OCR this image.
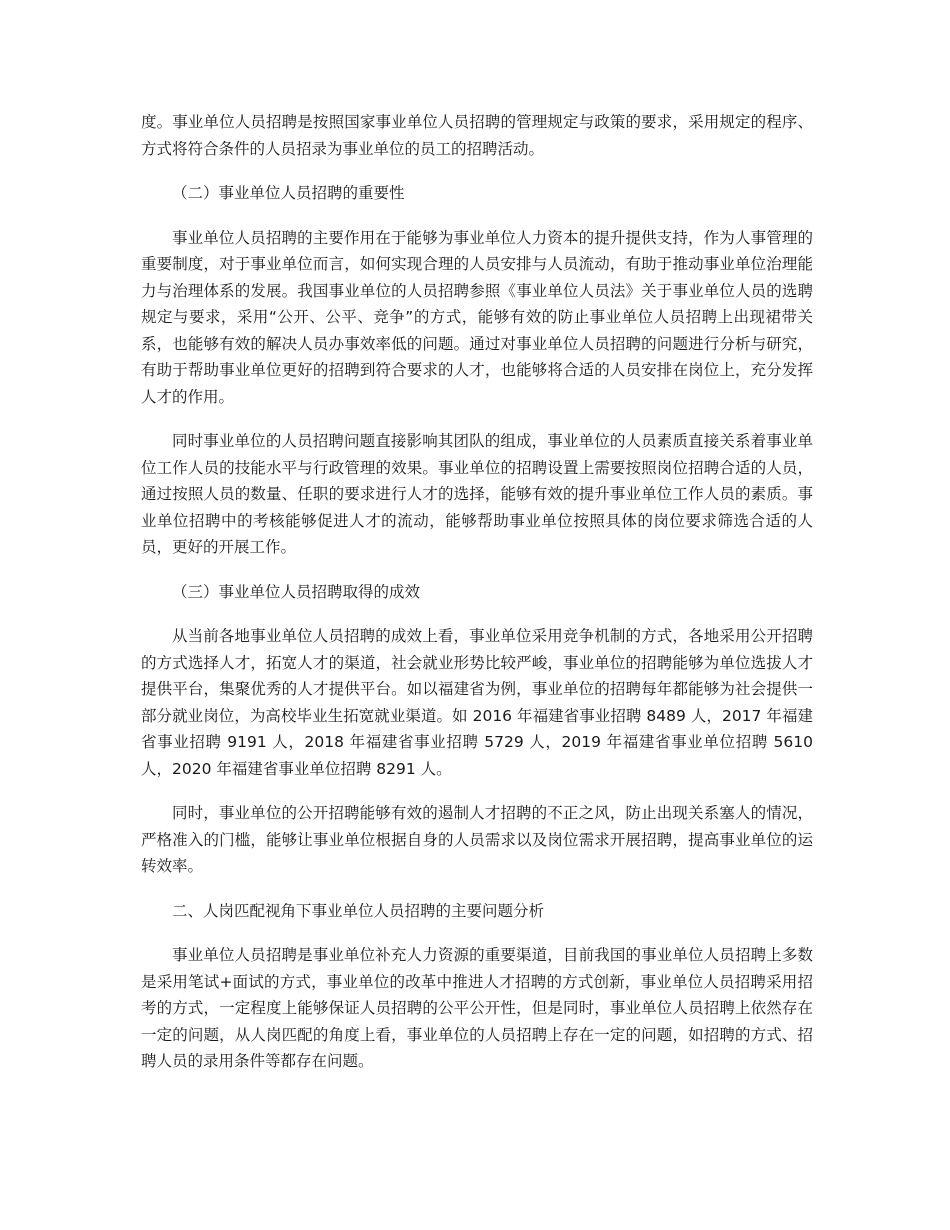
度。事业单位人员招聘是按照国家事业单位人员招聘的管理规定与政策的要求，采用规定的程序、方式将符合条件的人员招录为事业单位的员工的招聘活动。

（二）事业单位人员招聘的重要性

事业单位人员招聘的主要作用在于能够为事业单位人力资本的提升提供支持，作为人事管理的重要制度，对于事业单位而言，如何实现合理的人员安排与人员流动，有助于推动事业单位治理能力与治理体系的发展。我国事业单位的人员招聘参照《事业单位人员法》关于事业单位人员的选聘规定与要求，采用“公开、公平、竞争”的方式，能够有效的防止事业单位人员招聘上出现裙带关系，也能够有效的解决人员办事效率低的问题。通过对事业单位人员招聘的问题进行分析与研究，有助于帮助事业单位更好的招聘到符合要求的人才，也能够将合适的人员安排在岗位上，充分发挥人才的作用。

同时事业单位的人员招聘问题直接影响其团队的组成，事业单位的人员素质直接关系着事业单位工作人员的技能水平与行政管理的效果。事业单位的招聘设置上需要按照岗位招聘合适的人员，通过按照人员的数量、任职的要求进行人才的选择，能够有效的提升事业单位工作人员的素质。事业单位招聘中的考核能够促进人才的流动，能够帮助事业单位按照具体的岗位要求筛选合适的人员，更好的开展工作。

（三）事业单位人员招聘取得的成效

从当前各地事业单位人员招聘的成效上看，事业单位采用竞争机制的方式，各地采用公开招聘的方式选择人才，拓宽人才的渠道，社会就业形势比较严峻，事业单位的招聘能够为单位选拔人才提供平台，集聚优秀的人才提供平台。如以福建省为例，事业单位的招聘每年都能够为社会提供一部分就业岗位，为高校毕业生拓宽就业渠道。如 2016 年福建省事业招聘 8489 人，2017 年福建省事业招聘 9191 人，2018 年福建省事业招聘 5729 人，2019 年福建省事业单位招聘 5610 人，2020 年福建省事业单位招聘 8291 人。

同时，事业单位的公开招聘能够有效的遏制人才招聘的不正之风，防止出现关系塞人的情况，严格准入的门槛，能够让事业单位根据自身的人员需求以及岗位需求开展招聘，提高事业单位的运转效率。

二、人岗匹配视角下事业单位人员招聘的主要问题分析

事业单位人员招聘是事业单位补充人力资源的重要渠道，目前我国的事业单位人员招聘上多数是采用笔试+面试的方式，事业单位的改革中推进人才招聘的方式创新，事业单位人员招聘采用招考的方式，一定程度上能够保证人员招聘的公平公开性，但是同时，事业单位人员招聘上依然存在一定的问题，从人岗匹配的角度上看，事业单位的人员招聘上存在一定的问题，如招聘的方式、招聘人员的录用条件等都存在问题。
